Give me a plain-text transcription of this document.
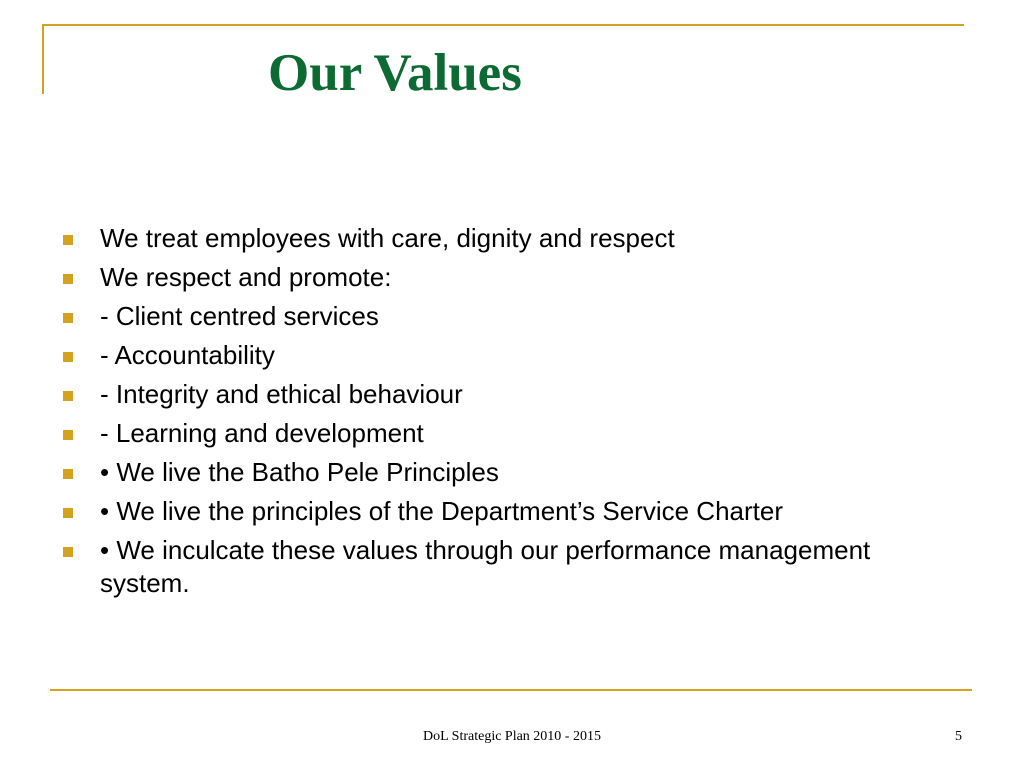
Our Values
We treat employees with care, dignity and respect
We respect and promote:
- Client centred services
- Accountability
- Integrity and ethical behaviour
- Learning and development
• We live the Batho Pele Principles
• We live the principles of the Department’s Service Charter
• We inculcate these values through our performance management system.
DoL Strategic Plan 2010 - 2015	5
